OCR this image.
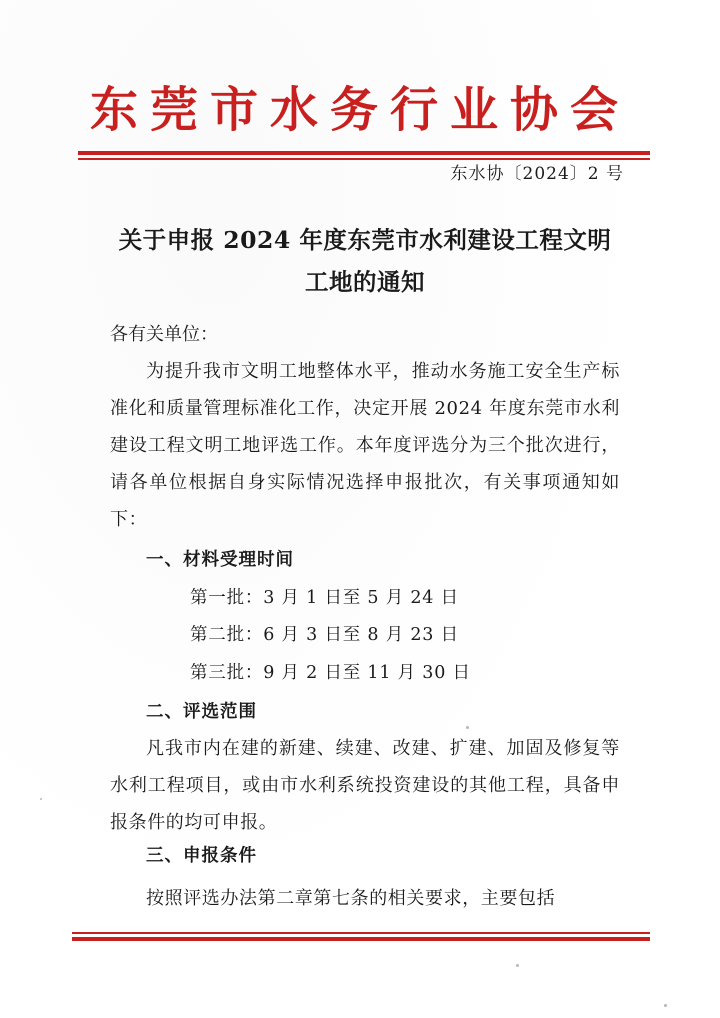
东莞市水务行业协会
东水协〔2024〕2 号
关于申报 2024 年度东莞市水利建设工程文明工地的通知
各有关单位：
为提升我市文明工地整体水平，推动水务施工安全生产标准化和质量管理标准化工作，决定开展 2024 年度东莞市水利建设工程文明工地评选工作。本年度评选分为三个批次进行，请各单位根据自身实际情况选择申报批次，有关事项通知如下：
一、材料受理时间
第一批：3 月 1 日至 5 月 24 日
第二批：6 月 3 日至 8 月 23 日
第三批：9 月 2 日至 11 月 30 日
二、评选范围
凡我市内在建的新建、续建、改建、扩建、加固及修复等水利工程项目，或由市水利系统投资建设的其他工程，具备申报条件的均可申报。
三、申报条件
按照评选办法第二章第七条的相关要求，主要包括
